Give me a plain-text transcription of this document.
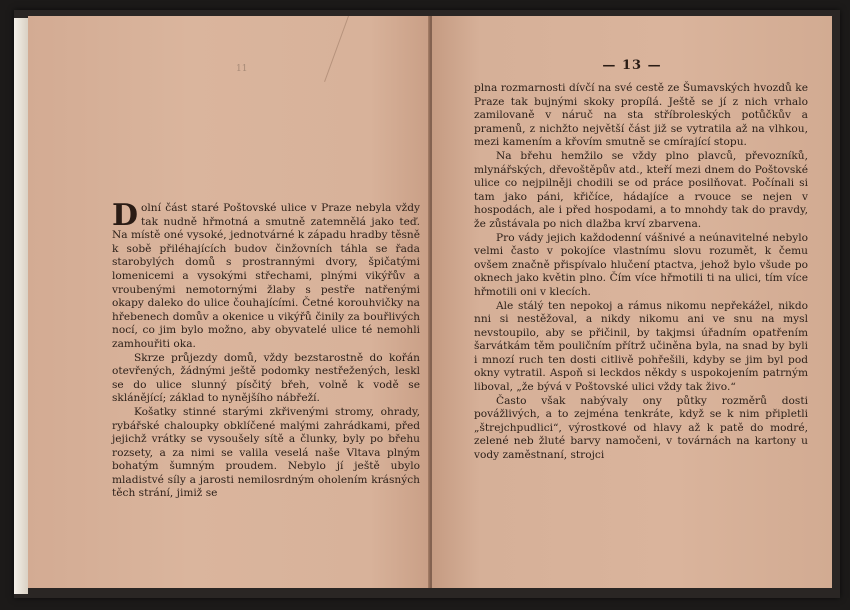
11

Dolní část staré Poštovské ulice v Praze nebyla vždy tak nudně hřmotná a smutně zatemnělá jako teď. Na místě oné vysoké, jednotvárné k západu hradby těsně k sobě přiléhajících budov činžovních táhla se řada starobylých domů s prostrannými dvory, špičatými lomenicemi a vysokými střechami, plnými vikýřův a vroubenými nemotornými žlaby s pestře natřenými okapy daleko do ulice čouhajícími. Četné korouhvičky na hřebenech domův a okenice u vikýřů činily za bouřlivých nocí, co jim bylo možno, aby obyvatelé ulice té nemohli zamhouřiti oka.

Skrze průjezdy domů, vždy bezstarostně do kořán otevřených, žádnými ještě podomky nestřežených, leskl se do ulice slunný písčitý břeh, volně k vodě se sklánějící; základ to nynějšího nábřeží.

Košatky stinné starými zkřivenými stromy, ohrady, rybářské chaloupky obklíčené malými zahrádkami, před jejichž vrátky se vysoušely sítě a člunky, byly po břehu rozsety, a za nimi se valila veselá naše Vltava plným bohatým šumným proudem. Nebylo jí ještě ubylo mladistvé síly a jarosti nemilosrdným oholením krásných těch strání, jimiž se

— 13 —

plna rozmarnosti dívčí na své cestě ze Šumavských hvozdů ke Praze tak bujnými skoky propílá. Ještě se jí z nich vrhalo zamilovaně v náruč na sta stříbroleských potůčkův a pramenů, z nichžto největší část již se vytratila až na vlhkou, mezi kamením a křovím smutně se cmírající stopu.

Na břehu hemžilo se vždy plno plavců, převozníků, mlynářských, dřevoštěpův atd., kteří mezi dnem do Poštovské ulice co nejpilněji chodili se od práce posilňovat. Počínali si tam jako páni, křičíce, hádajíce a rvouce se nejen v hospodách, ale i před hospodami, a to mnohdy tak do pravdy, že zůstávala po nich dlažba krví zbarvena.

Pro vády jejich každodenní vášnivé a neúnavitelné nebylo velmi často v pokojíce vlastnímu slovu rozumět, k čemu ovšem značně přispívalo hlučení ptactva, jehož bylo všude po oknech jako květin plno. Čím více hřmotili ti na ulici, tím více hřmotili oni v klecích.

Ale stálý ten nepokoj a rámus nikomu nepřekážel, nikdo nni si nestěžoval, a nikdy nikomu ani ve snu na mysl nevstoupilo, aby se přičinil, by takjmsi úřadním opatřením šarvátkám těm pouličním přítrž učiněna byla, na snad by byli i mnozí ruch ten dosti citlivě pohřešili, kdyby se jim byl pod okny vytratil. Aspoň si leckdos někdy s uspokojením patrným liboval, „že bývá v Poštovské ulici vždy tak živo.“

Často však nabývaly ony půtky rozměrů dosti povážlivých, a to zejména tenkráte, když se k nim připletli „štrejchpudlici“, výrostkové od hlavy až k patě do modré, zelené neb žluté barvy namočeni, v továrnách na kartony u vody zaměstnaní, strojci
